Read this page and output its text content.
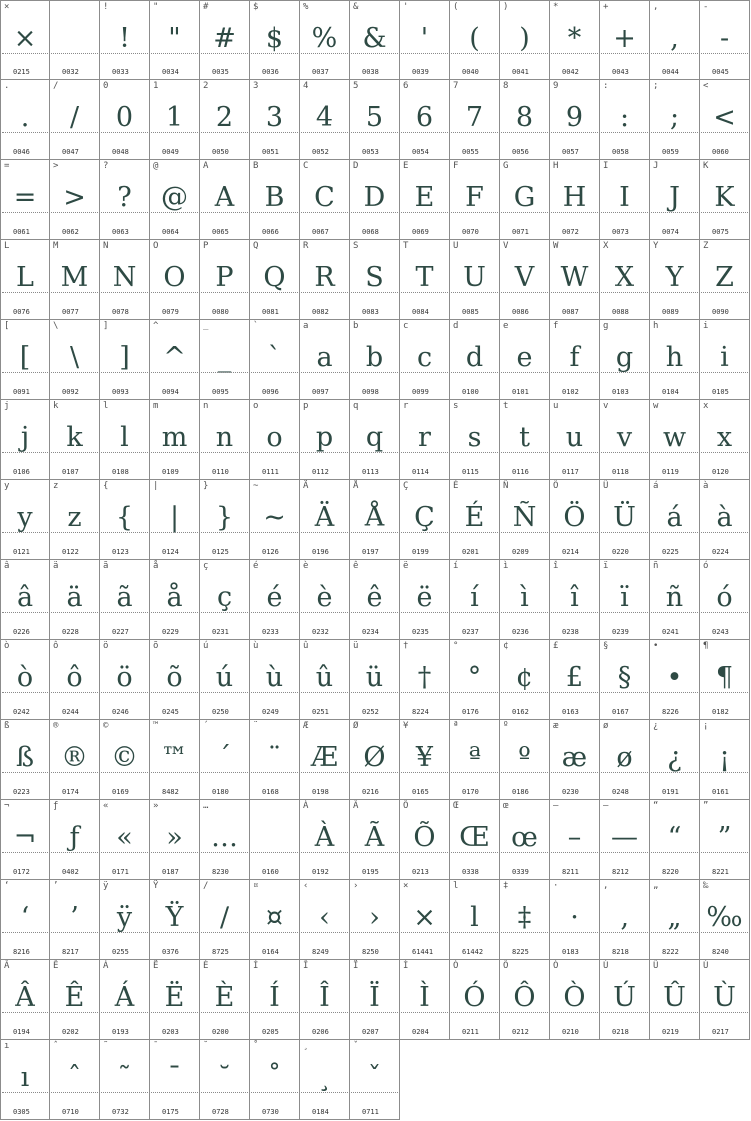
×
×
0215	0032
!
!
0033
"
"
0034
#
#
0035
$
$
0036
%
%
0037
&
&
0038
'
'
0039
(
(
0040
)
)
0041
*
*
0042
+
+
0043
,
,
0044
-
-
0045
.
.
0046
/
/
0047
0
0
0048
1
1
0049
2
2
0050
3
3
0051
4
4
0052
5
5
0053
6
6
0054
7
7
0055
8
8
0056
9
9
0057
:
:
0058
;
;
0059
<
<
0060
=
=
0061
>
>
0062
?
?
0063
@
@
0064
A
A
0065
B
B
0066
C
C
0067
D
D
0068
E
E
0069
F
F
0070
G
G
0071
H
H
0072
I
I
0073
J
J
0074
K
K
0075
L
L
0076
M
M
0077
N
N
0078
O
O
0079
P
P
0080
Q
Q
0081
R
R
0082
S
S
0083
T
T
0084
U
U
0085
V
V
0086
W
W
0087
X
X
0088
Y
Y
0089
Z
Z
0090
[
[
0091
\
\
0092
]
]
0093
^
^
0094
_
_
0095
`
`
0096
a
a
0097
b
b
0098
c
c
0099
d
d
0100
e
e
0101
f
f
0102
g
g
0103
h
h
0104
i
i
0105
j
j
0106
k
k
0107
l
l
0108
m
m
0109
n
n
0110
o
o
0111
p
p
0112
q
q
0113
r
r
0114
s
s
0115
t
t
0116
u
u
0117
v
v
0118
w
w
0119
x
x
0120
y
y
0121
z
z
0122
{
{
0123
|
|
0124
}
}
0125
~
~
0126
Ä
Ä
0196
Å
Å
0197
Ç
Ç
0199
É
É
0201
Ñ
Ñ
0209
Ö
Ö
0214
Ü
Ü
0220
á
á
0225
à
à
0224
â
â
0226
ä
ä
0228
ã
ã
0227
å
å
0229
ç
ç
0231
é
é
0233
è
è
0232
ê
ê
0234
ë
ë
0235
í
í
0237
ì
ì
0236
î
î
0238
ï
ï
0239
ñ
ñ
0241
ó
ó
0243
ò
ò
0242
ô
ô
0244
ö
ö
0246
õ
õ
0245
ú
ú
0250
ù
ù
0249
û
û
0251
ü
ü
0252
†
†
8224
°
°
0176
¢
¢
0162
£
£
0163
§
§
0167
•
•
8226
¶
¶
0182
ß
ß
0223
®
®
0174
©
©
0169
™
™
8482
´
´
0180
¨
¨
0168
Æ
Æ
0198
Ø
Ø
0216
¥
¥
0165
ª
ª
0170
º
º
0186
æ
æ
0230
ø
ø
0248
¿
¿
0191
¡
¡
0161
¬
¬
0172
ƒ
ƒ
0402
«
«
0171
»
»
0187
…
…
8230	0160
À
À
0192
Ã
Ã
0195
Õ
Õ
0213
Œ
Œ
0338
œ
œ
0339
–
–
8211
—
—
8212
“
“
8220
”
”
8221
‘
‘
8216
’
’
8217
ÿ
ÿ
0255
Ÿ
Ÿ
0376
∕
∕
8725
¤
¤
0164
‹
‹
8249
›
›
8250
×
×
61441
l
l
61442
‡
‡
8225
·
·
0183
‚
‚
8218
„
„
8222
‰
‰
8240
Â
Â
0194
Ê
Ê
0202
Á
Á
0193
Ë
Ë
0203
È
È
0200
Í
Í
0205
Î
Î
0206
Ï
Ï
0207
Ì
Ì
0204
Ó
Ó
0211
Ô
Ô
0212
Ò
Ò
0210
Ú
Ú
0218
Û
Û
0219
Ù
Ù
0217
ı
ı
0305
ˆ
ˆ
0710
˜
˜
0732
¯
¯
0175
˘
˘
0728
˚
˚
0730
¸
¸
0184
ˇ
ˇ
0711
